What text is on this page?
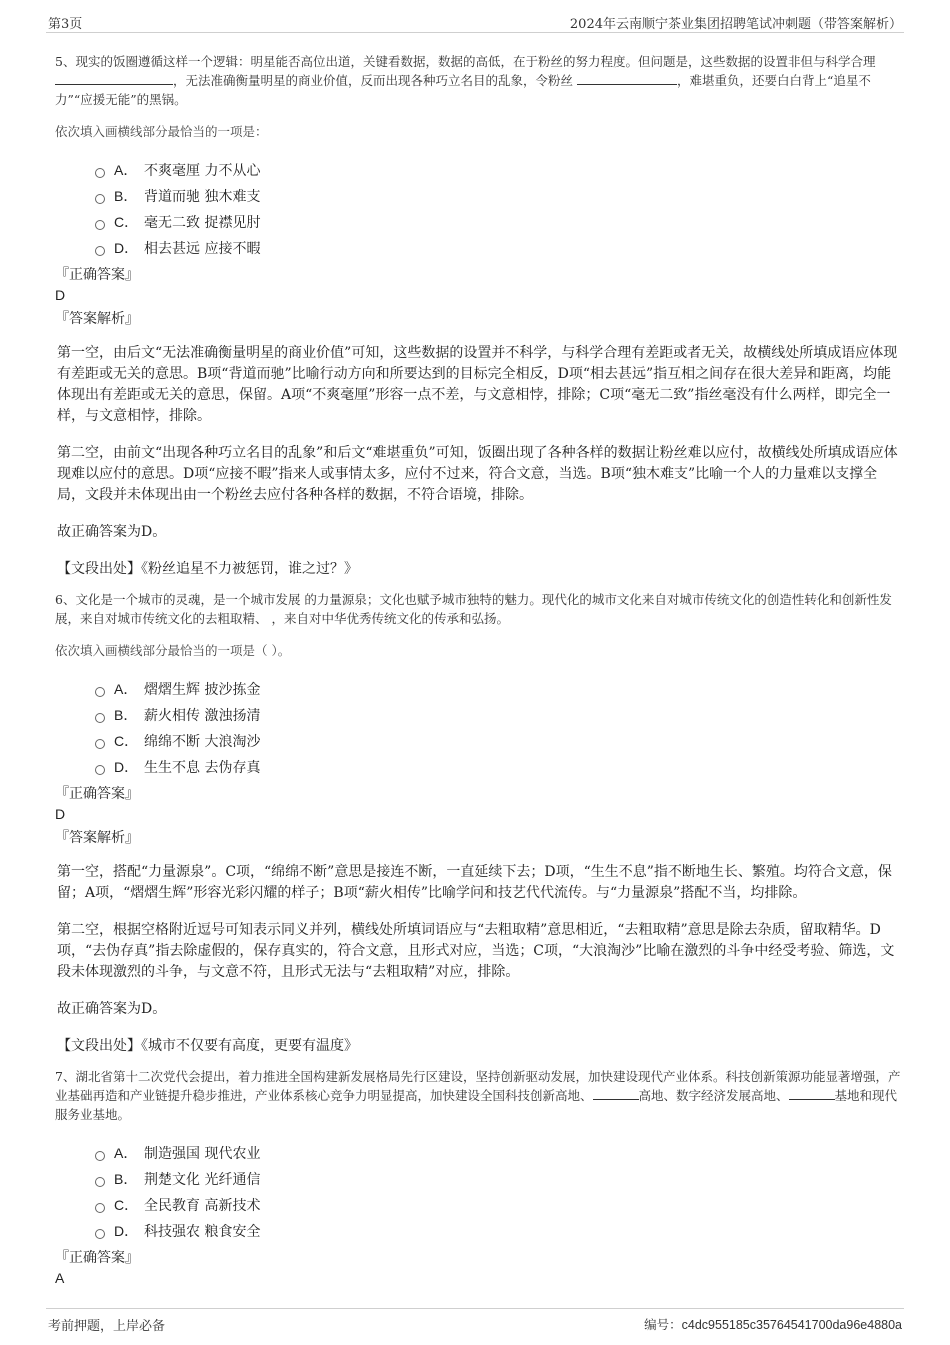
第3页	2024年云南顺宁茶业集团招聘笔试冲刺题（带答案解析）

5、现实的饭圈遵循这样一个逻辑：明星能否高位出道，关键看数据，数据的高低，在于粉丝的努力程度。但问题是，这些数据的设置非但与科学合理 ，无法准确衡量明星的商业价值，反而出现各种巧立名目的乱象，令粉丝	，难堪重负，还要白白背上“追星不力”“应援无能”的黑锅。

依次填入画横线部分最恰当的一项是：

A． 不爽毫厘 力不从心
B． 背道而驰 独木难支
C． 毫无二致 捉襟见肘
D． 相去甚远 应接不暇

『正确答案』

D

『答案解析』

第一空，由后文“无法准确衡量明星的商业价值”可知，这些数据的设置并不科学，与科学合理有差距或者无关，故横线处所填成语应体现有差距或无关的意思。B项“背道而驰”比喻行动方向和所要达到的目标完全相反，D项“相去甚远”指互相之间存在很大差异和距离，均能体现出有差距或无关的意思，保留。A项“不爽毫厘”形容一点不差，与文意相悖，排除；C项“毫无二致”指丝毫没有什么两样，即完全一样，与文意相悖，排除。

第二空，由前文“出现各种巧立名目的乱象”和后文“难堪重负”可知，饭圈出现了各种各样的数据让粉丝难以应付，故横线处所填成语应体现难以应付的意思。D项“应接不暇”指来人或事情太多，应付不过来，符合文意，当选。B项“独木难支”比喻一个人的力量难以支撑全局，文段并未体现出由一个粉丝去应付各种各样的数据，不符合语境，排除。

故正确答案为D。

【文段出处】《粉丝追星不力被惩罚，谁之过？》

6、文化是一个城市的灵魂，是一个城市发展 的力量源泉；文化也赋予城市独特的魅力。现代化的城市文化来自对城市传统文化的创造性转化和创新性发展，来自对城市传统文化的去粗取精、 ，来自对中华优秀传统文化的传承和弘扬。

依次填入画横线部分最恰当的一项是（ ）。

A． 熠熠生辉 披沙拣金
B． 薪火相传 激浊扬清
C． 绵绵不断 大浪淘沙
D． 生生不息 去伪存真

『正确答案』

D

『答案解析』

第一空，搭配“力量源泉”。C项，“绵绵不断”意思是接连不断，一直延续下去；D项，“生生不息”指不断地生长、繁殖。均符合文意，保留；A项，“熠熠生辉”形容光彩闪耀的样子；B项“薪火相传”比喻学问和技艺代代流传。与“力量源泉”搭配不当，均排除。

第二空，根据空格附近逗号可知表示同义并列，横线处所填词语应与“去粗取精”意思相近，“去粗取精”意思是除去杂质，留取精华。D项，“去伪存真”指去除虚假的，保存真实的，符合文意，且形式对应，当选；C项，“大浪淘沙”比喻在激烈的斗争中经受考验、筛选，文段未体现激烈的斗争，与文意不符，且形式无法与“去粗取精”对应，排除。

故正确答案为D。

【文段出处】《城市不仅要有高度，更要有温度》

7、湖北省第十二次党代会提出，着力推进全国构建新发展格局先行区建设，坚持创新驱动发展，加快建设现代产业体系。科技创新策源功能显著增强，产业基础再造和产业链提升稳步推进，产业体系核心竞争力明显提高，加快建设全国科技创新高地、	高地、数字经济发展高地、	基地和现代服务业基地。

A． 制造强国 现代农业
B． 荆楚文化 光纤通信
C． 全民教育 高新技术
D． 科技强农 粮食安全

『正确答案』

A

考前押题，上岸必备	编号：c4dc955185c35764541700da96e4880a
